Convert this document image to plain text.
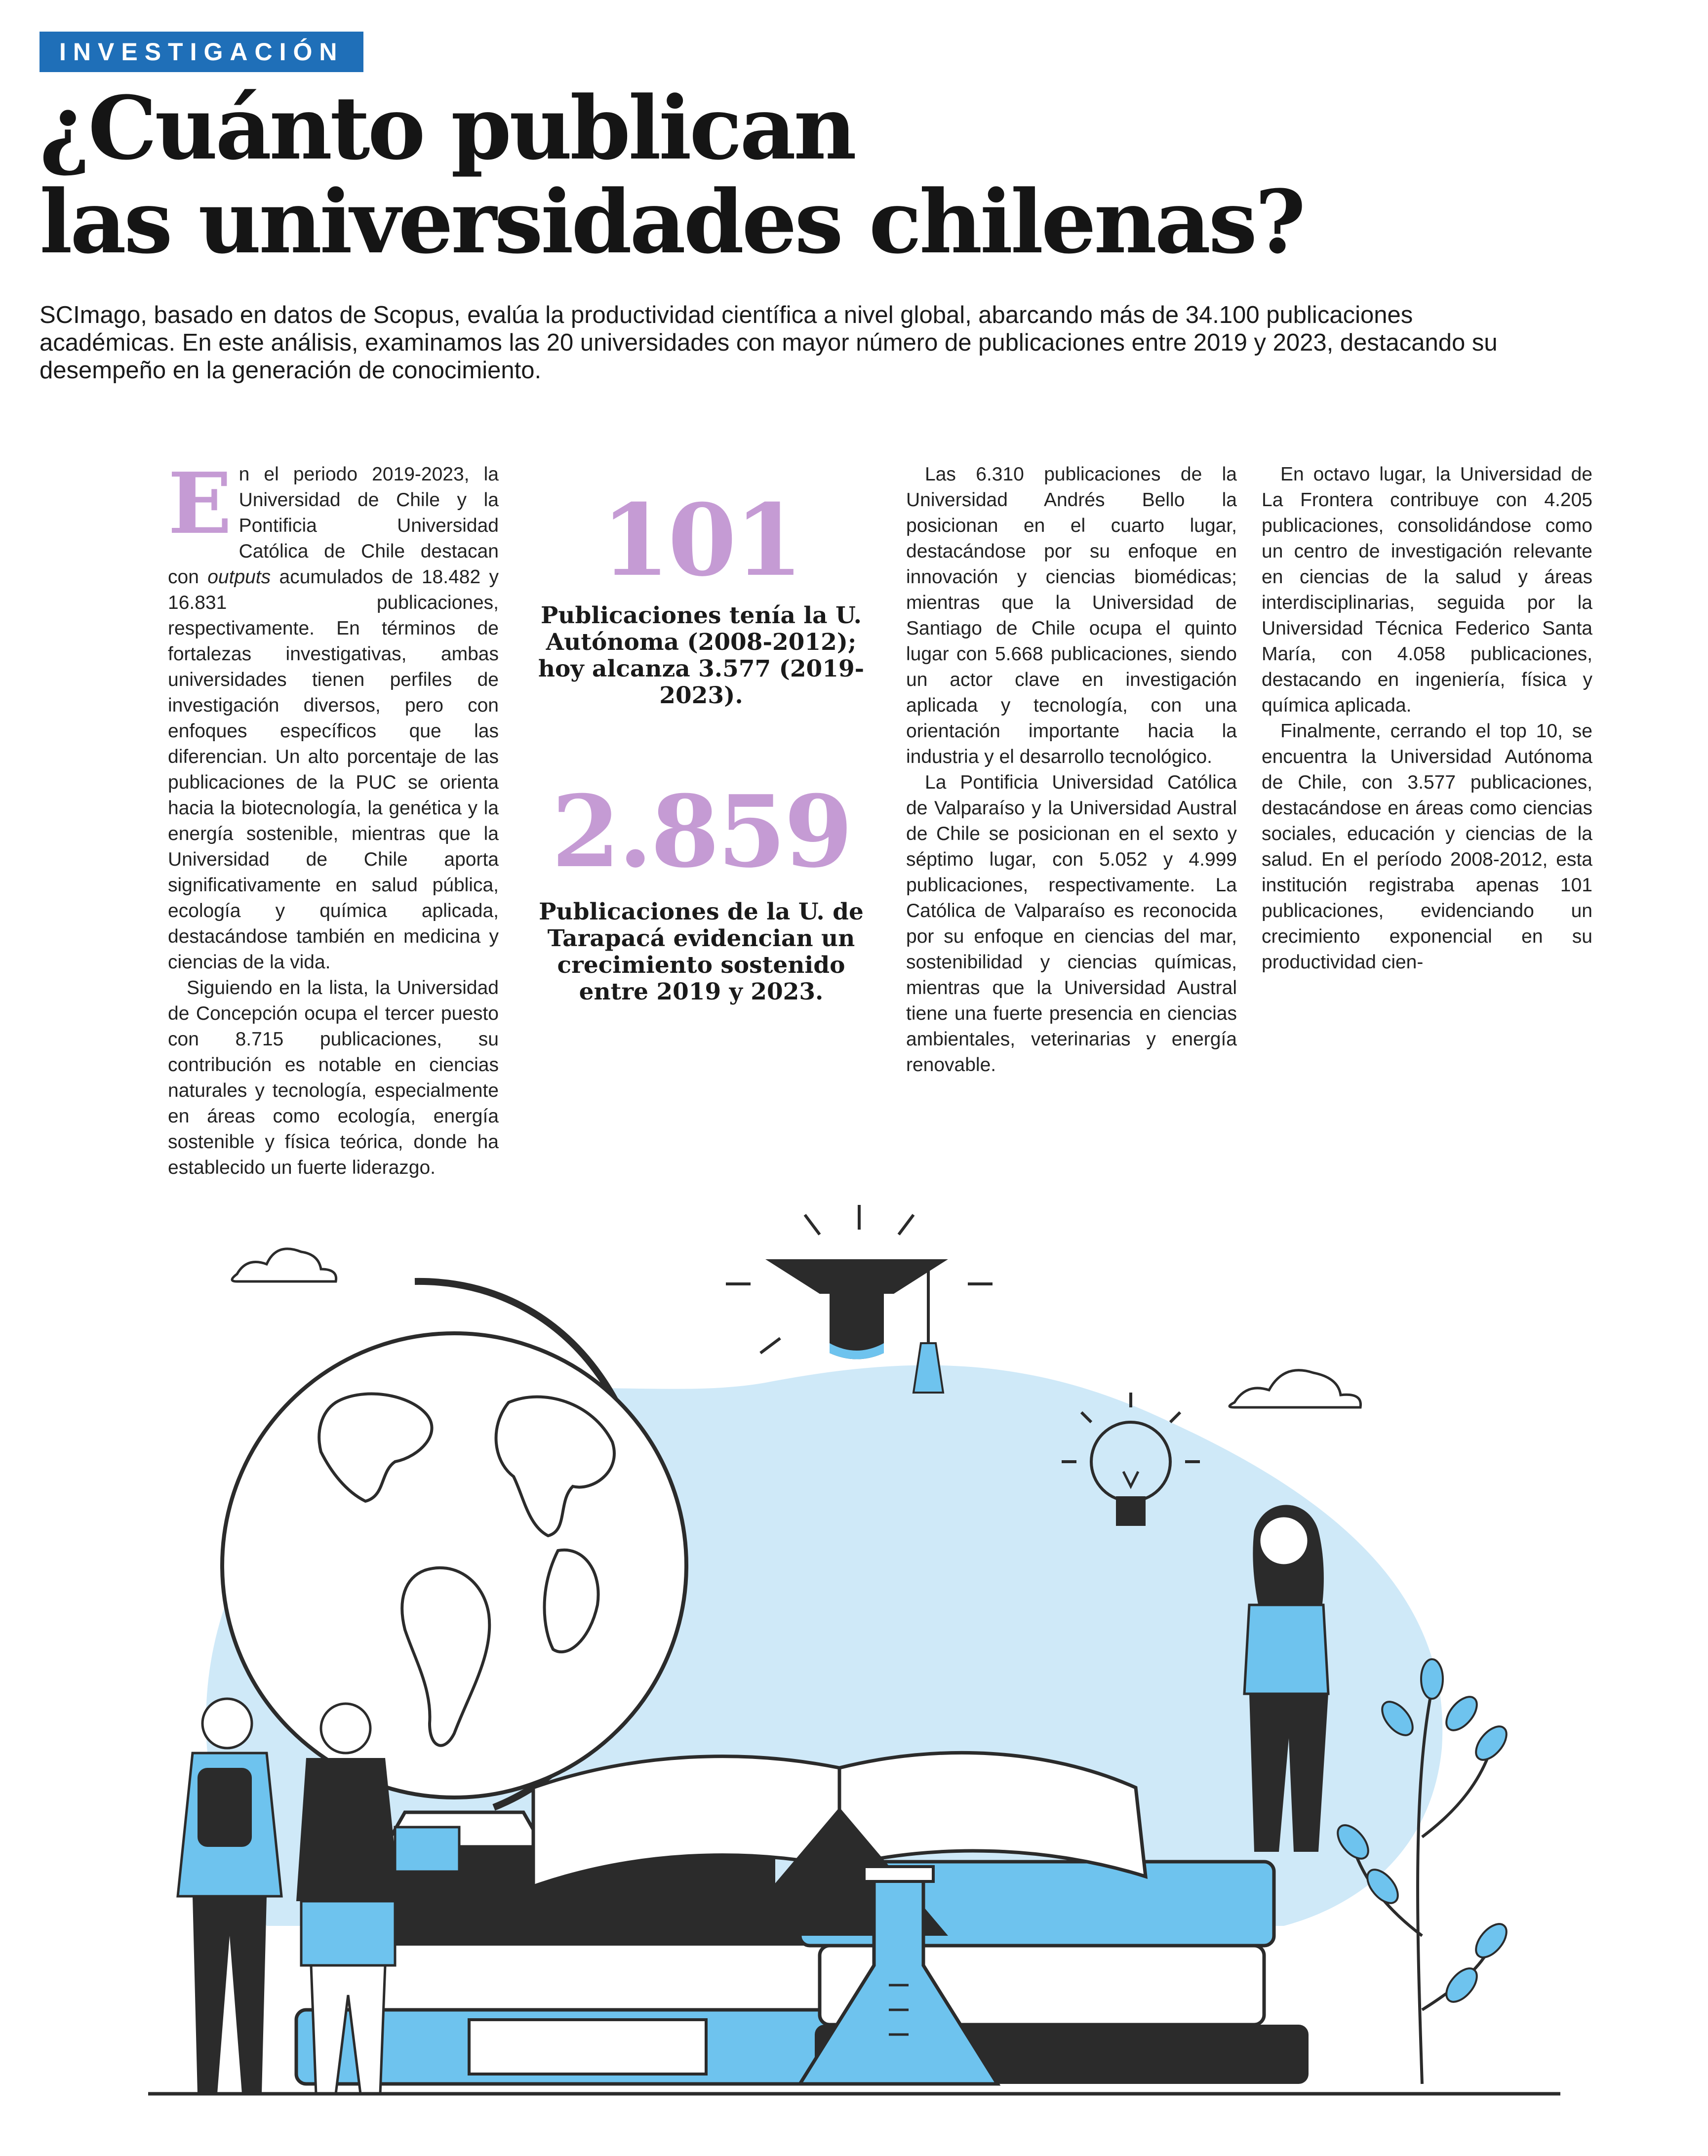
INVESTIGACIÓN
¿Cuánto publican
las universidades chilenas?

SCImago, basado en datos de Scopus, evalúa la productividad científica a nivel global, abarcando más de 34.100 publicaciones académicas. En este análisis, examinamos las 20 universidades con mayor número de publicaciones entre 2019 y 2023, destacando su desempeño en la generación de conocimiento.

En el periodo 2019-2023, la Universidad de Chile y la Pontificia Universidad Católica de Chile destacan con outputs acumulados de 18.482 y 16.831 publicaciones, respectivamente. En términos de fortalezas investigativas, ambas universidades tienen perfiles de investigación diversos, pero con enfoques específicos que las diferencian. Un alto porcentaje de las publicaciones de la PUC se orienta hacia la biotecnología, la genética y la energía sostenible, mientras que la Universidad de Chile aporta significativamente en salud pública, ecología y química aplicada, destacándose también en medicina y ciencias de la vida.

Siguiendo en la lista, la Universidad de Concepción ocupa el tercer puesto con 8.715 publicaciones, su contribución es notable en ciencias naturales y tecnología, especialmente en áreas como ecología, energía sostenible y física teórica, donde ha establecido un fuerte liderazgo.

101
Publicaciones tenía la U. Autónoma (2008-2012); hoy alcanza 3.577 (2019-2023).
2.859
Publicaciones de la U. de Tarapacá evidencian un crecimiento sostenido entre 2019 y 2023.

Las 6.310 publicaciones de la Universidad Andrés Bello la posicionan en el cuarto lugar, destacándose por su enfoque en innovación y ciencias biomédicas; mientras que la Universidad de Santiago de Chile ocupa el quinto lugar con 5.668 publicaciones, siendo un actor clave en investigación aplicada y tecnología, con una orientación importante hacia la industria y el desarrollo tecnológico.

La Pontificia Universidad Católica de Valparaíso y la Universidad Austral de Chile se posicionan en el sexto y séptimo lugar, con 5.052 y 4.999 publicaciones, respectivamente. La Católica de Valparaíso es reconocida por su enfoque en ciencias del mar, sostenibilidad y ciencias químicas, mientras que la Universidad Austral tiene una fuerte presencia en ciencias ambientales, veterinarias y energía renovable.

En octavo lugar, la Universidad de La Frontera contribuye con 4.205 publicaciones, consolidándose como un centro de investigación relevante en ciencias de la salud y áreas interdisciplinarias, seguida por la Universidad Técnica Federico Santa María, con 4.058 publicaciones, destacando en ingeniería, física y química aplicada.

Finalmente, cerrando el top 10, se encuentra la Universidad Autónoma de Chile, con 3.577 publicaciones, destacándose en áreas como ciencias sociales, educación y ciencias de la salud. En el período 2008-2012, esta institución registraba apenas 101 publicaciones, evidenciando un crecimiento exponencial en su productividad cien-
